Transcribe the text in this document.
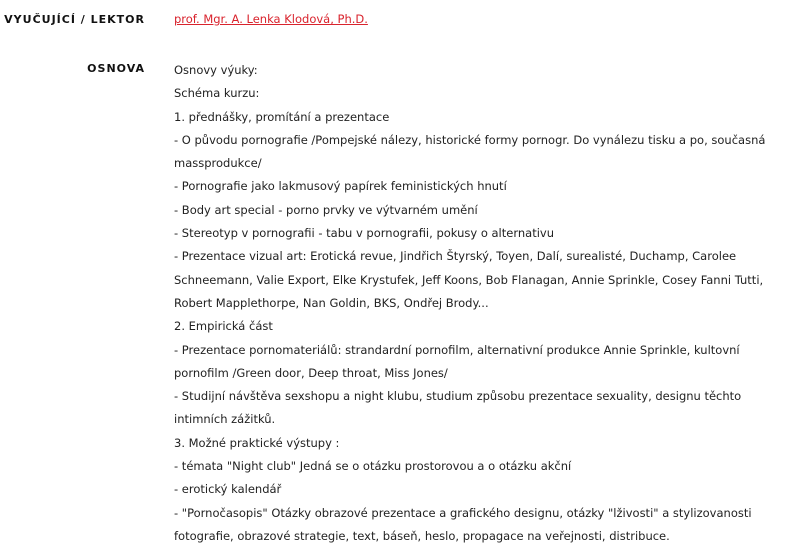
VYUČUJÍCÍ / LEKTOR	prof. Mgr. A. Lenka Klodová, Ph.D.
OSNOVA	Osnovy výuky:

Schéma kurzu:

1. přednášky, promítání a prezentace

- O původu pornografie /Pompejské nálezy, historické formy pornogr. Do vynálezu tisku a po, současná massprodukce/

- Pornografie jako lakmusový papírek feministických hnutí

- Body art special - porno prvky ve výtvarném umění

- Stereotyp v pornografii - tabu v pornografii, pokusy o alternativu

- Prezentace vizual art: Erotická revue, Jindřich Štyrský, Toyen, Dalí, surealisté, Duchamp, Carolee Schneemann, Valie Export, Elke Krystufek, Jeff Koons, Bob Flanagan, Annie Sprinkle, Cosey Fanni Tutti, Robert Mapplethorpe, Nan Goldin, BKS, Ondřej Brody...

2. Empirická část

- Prezentace pornomateriálů: strandardní pornofilm, alternativní produkce Annie Sprinkle, kultovní pornofilm /Green door, Deep throat, Miss Jones/

- Studijní návštěva sexshopu a night klubu, studium způsobu prezentace sexuality, designu těchto intimních zážitků.

3. Možné praktické výstupy :

- témata "Night club" Jedná se o otázku prostorovou a o otázku akční

- erotický kalendář

- "Pornočasopis" Otázky obrazové prezentace a grafického designu, otázky "lživosti" a stylizovanosti fotografie, obrazové strategie, text, báseň, heslo, propagace na veřejnosti, distribuce.
